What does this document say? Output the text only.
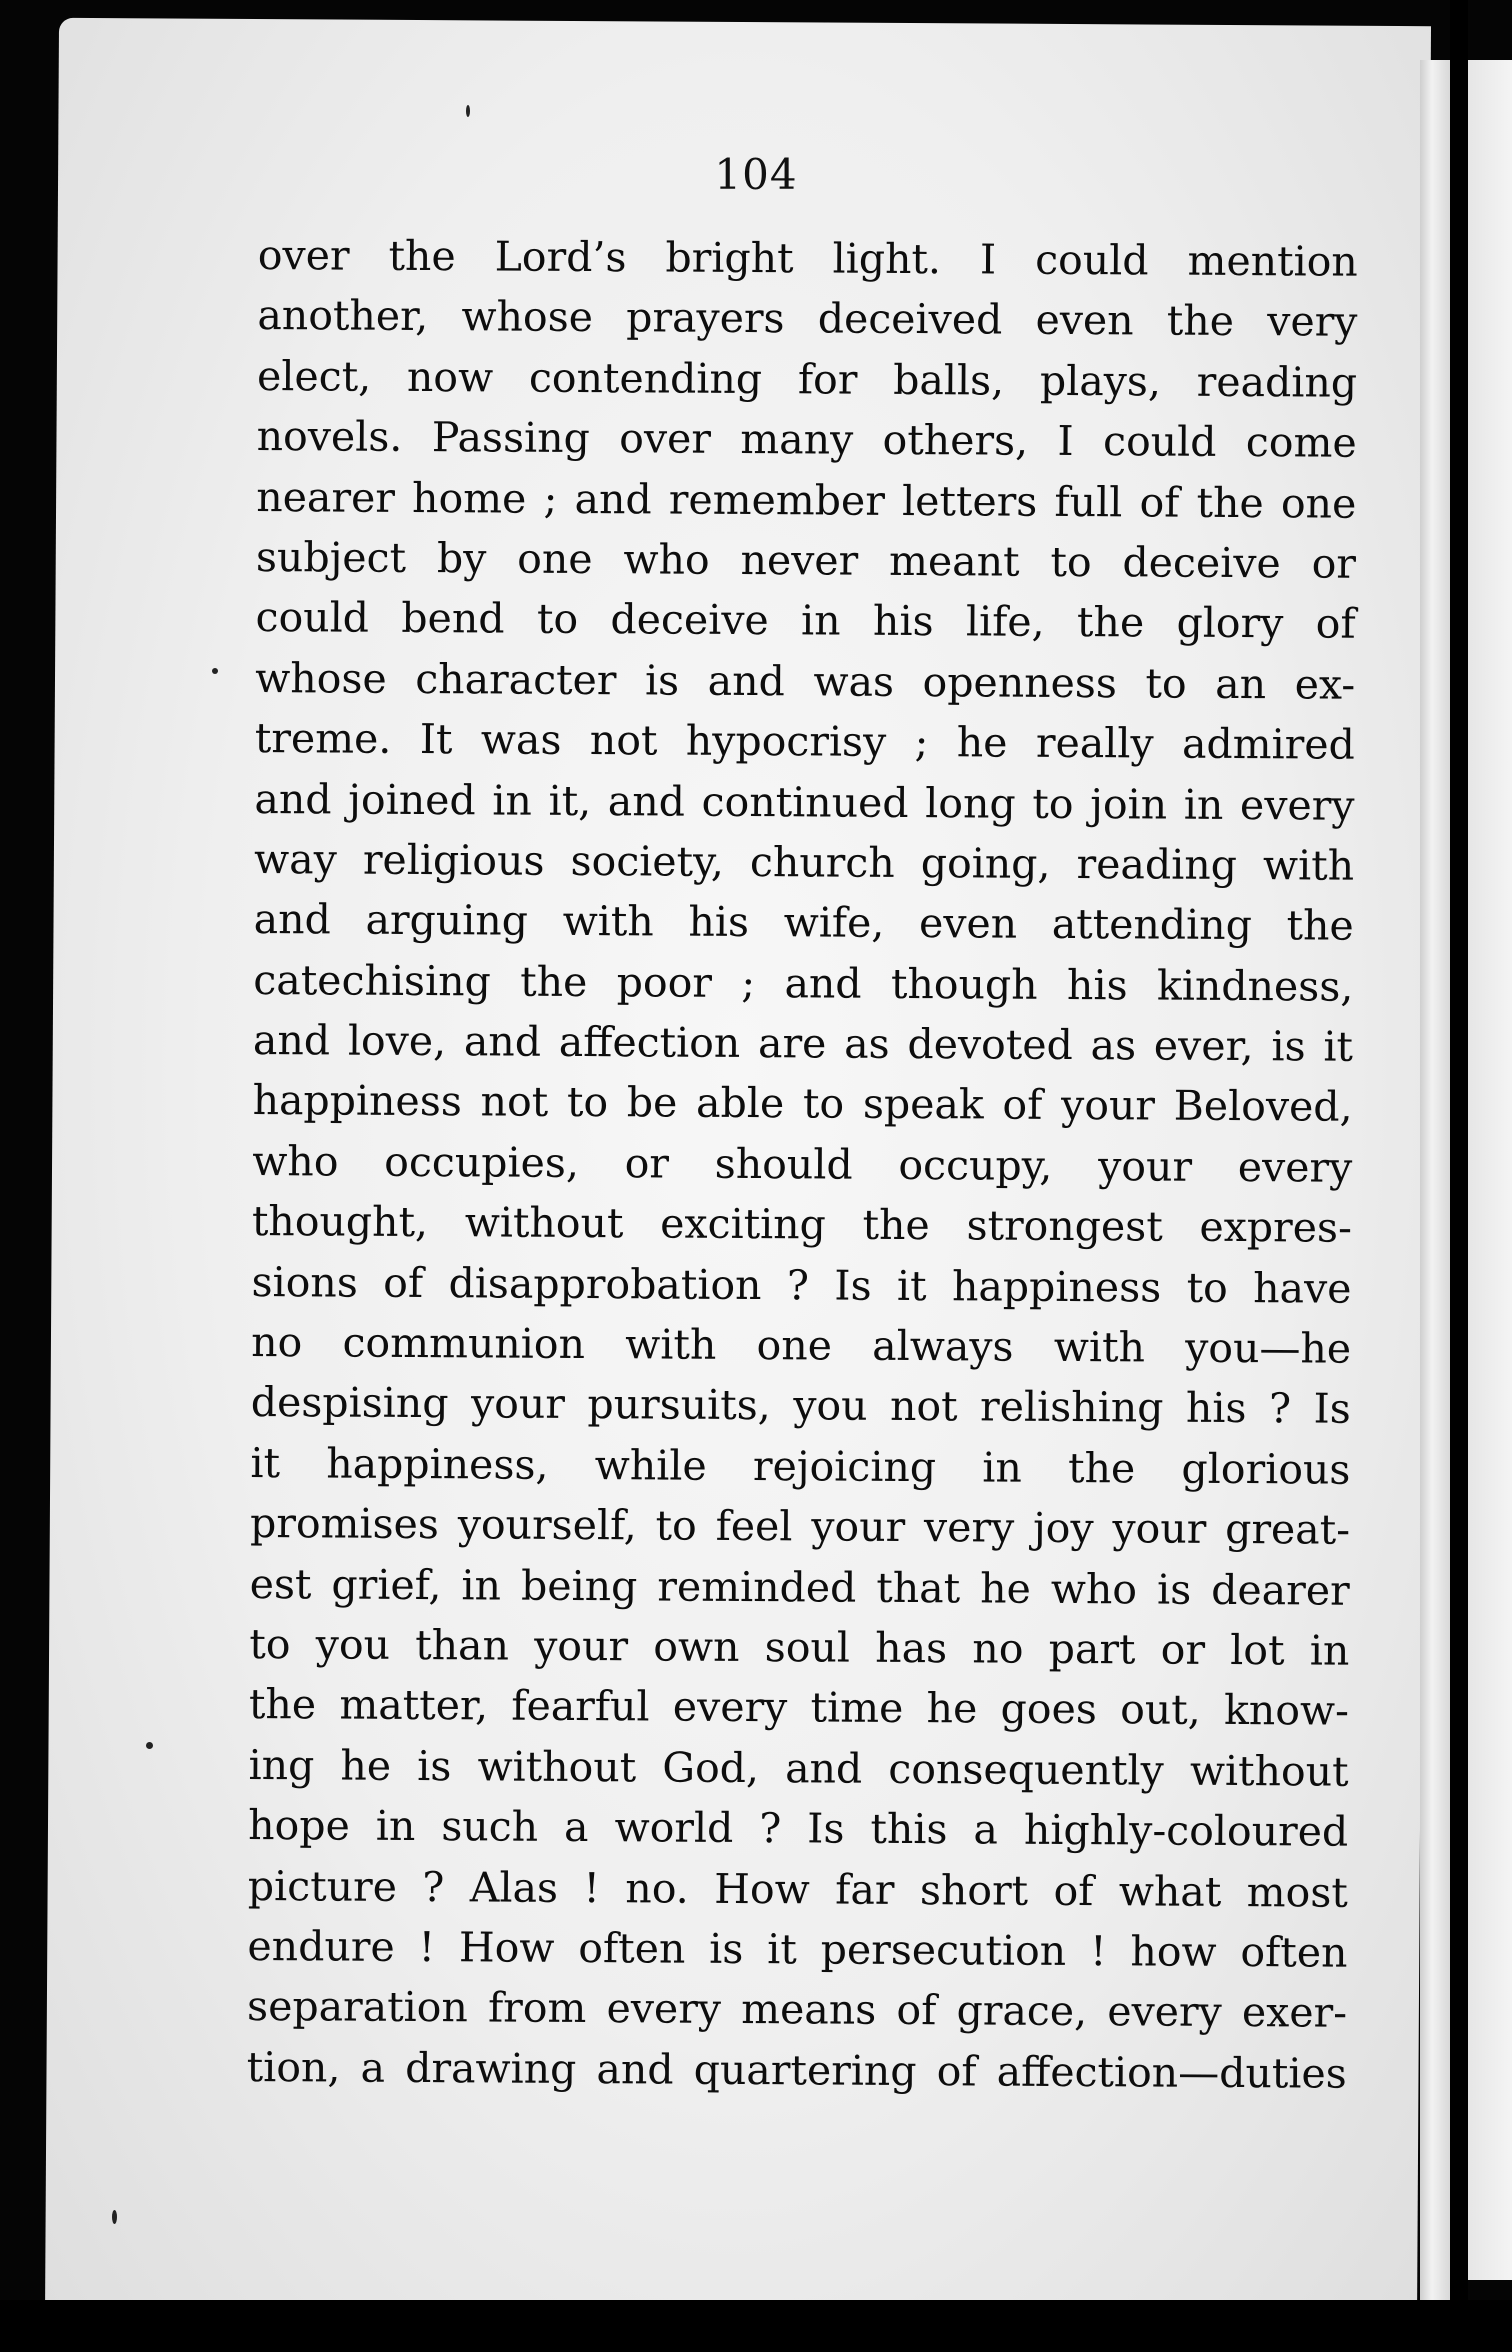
104
over the Lord’s bright light. I could mention
another, whose prayers deceived even the very
elect, now contending for balls, plays, reading
novels. Passing over many others, I could come
nearer home ; and remember letters full of the one
subject by one who never meant to deceive or
could bend to deceive in his life, the glory of
whose character is and was openness to an ex-
treme. It was not hypocrisy ; he really admired
and joined in it, and continued long to join in every
way religious society, church going, reading with
and arguing with his wife, even attending the
catechising the poor ; and though his kindness,
and love, and affection are as devoted as ever, is it
happiness not to be able to speak of your Beloved,
who occupies, or should occupy, your every
thought, without exciting the strongest expres-
sions of disapprobation ? Is it happiness to have
no communion with one always with you—he
despising your pursuits, you not relishing his ? Is
it happiness, while rejoicing in the glorious
promises yourself, to feel your very joy your great-
est grief, in being reminded that he who is dearer
to you than your own soul has no part or lot in
the matter, fearful every time he goes out, know-
ing he is without God, and consequently without
hope in such a world ? Is this a highly-coloured
picture ? Alas ! no. How far short of what most
endure ! How often is it persecution ! how often
separation from every means of grace, every exer-
tion, a drawing and quartering of affection—duties
